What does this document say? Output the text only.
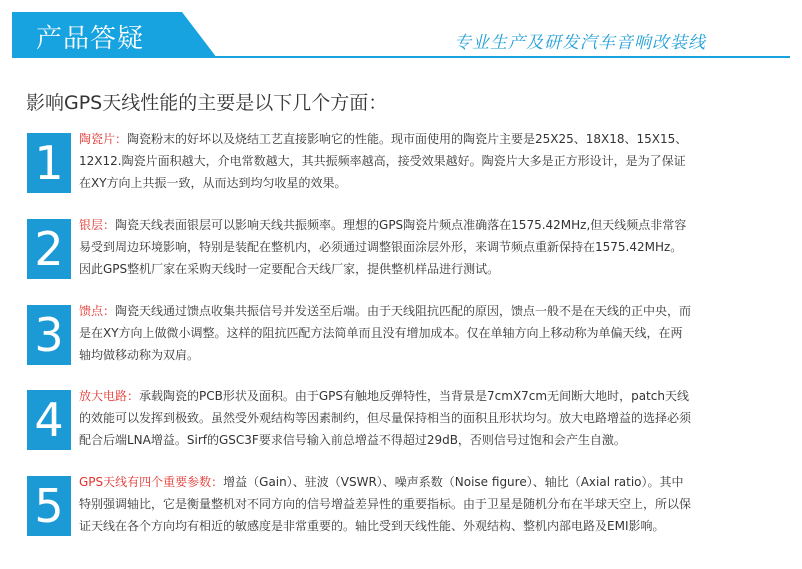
产品答疑	专业生产及研发汽车音响改装线
影响GPS天线性能的主要是以下几个方面：
1	陶瓷片：陶瓷粉末的好坏以及烧结工艺直接影响它的性能。现市面使用的陶瓷片主要是25X25、18X18、15X15、12X12.陶瓷片面积越大，介电常数越大，其共振频率越高，接受效果越好。陶瓷片大多是正方形设计，是为了保证在XY方向上共振一致，从而达到均匀收星的效果。
2	银层：陶瓷天线表面银层可以影响天线共振频率。理想的GPS陶瓷片频点准确落在1575.42MHz,但天线频点非常容易受到周边环境影响，特别是装配在整机内，必须通过调整银面涂层外形，来调节频点重新保持在1575.42MHz。因此GPS整机厂家在采购天线时一定要配合天线厂家，提供整机样品进行测试。
3	馈点：陶瓷天线通过馈点收集共振信号并发送至后端。由于天线阻抗匹配的原因，馈点一般不是在天线的正中央，而是在XY方向上做微小调整。这样的阻抗匹配方法简单而且没有增加成本。仅在单轴方向上移动称为单偏天线，在两轴均做移动称为双肩。
4	放大电路：承载陶瓷的PCB形状及面积。由于GPS有触地反弹特性，当背景是7cmX7cm无间断大地时，patch天线的效能可以发挥到极致。虽然受外观结构等因素制约，但尽量保持相当的面积且形状均匀。放大电路增益的选择必须配合后端LNA增益。Sirf的GSC3F要求信号输入前总增益不得超过29dB，否则信号过饱和会产生自激。
5	GPS天线有四个重要参数：增益（Gain）、驻波（VSWR）、噪声系数（Noise figure）、轴比（Axial ratio）。其中特别强调轴比，它是衡量整机对不同方向的信号增益差异性的重要指标。由于卫星是随机分布在半球天空上，所以保证天线在各个方向均有相近的敏感度是非常重要的。轴比受到天线性能、外观结构、整机内部电路及EMI影响。
